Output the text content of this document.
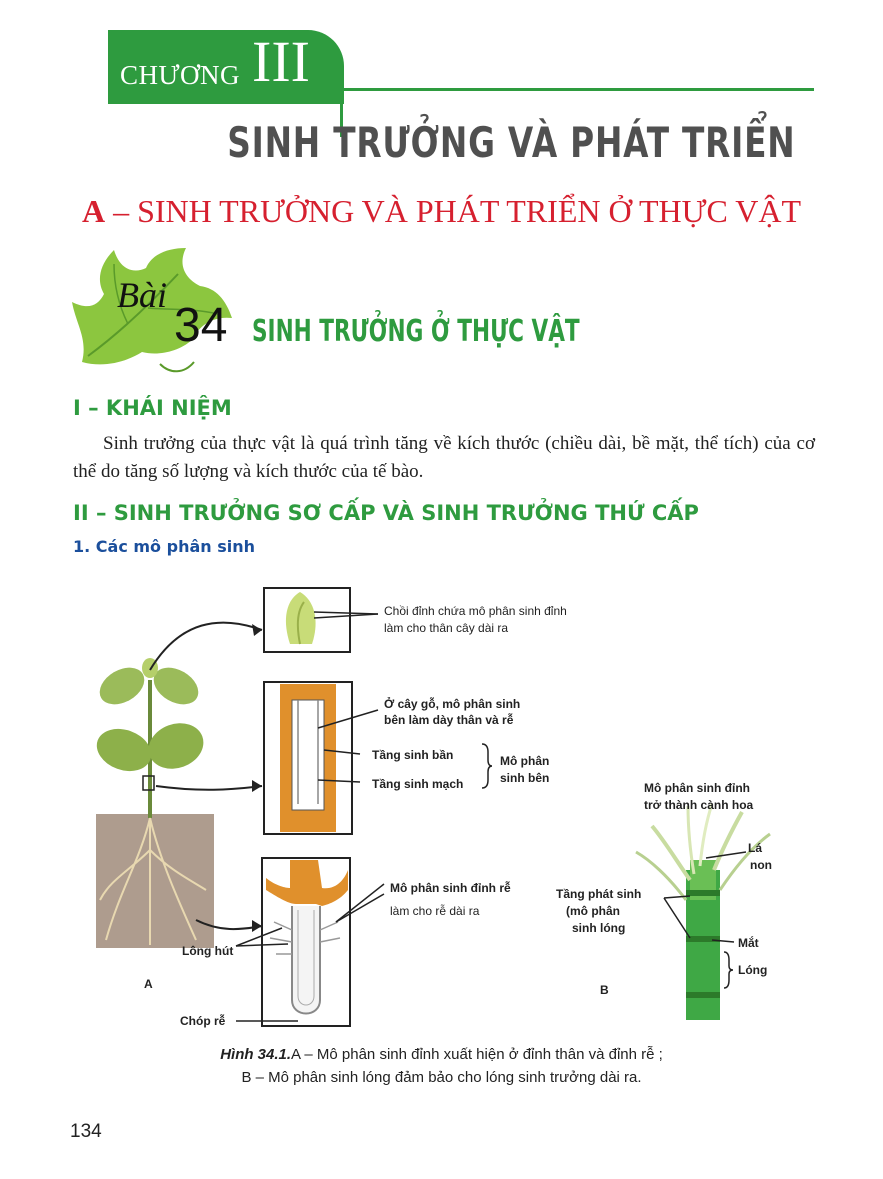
CHƯƠNG III
SINH TRƯỞNG VÀ PHÁT TRIỂN
A – SINH TRƯỞNG VÀ PHÁT TRIỂN Ở THỰC VẬT
Bài
34 SINH TRƯỞNG Ở THỰC VẬT
I – KHÁI NIỆM
Sinh trưởng của thực vật là quá trình tăng về kích thước (chiều dài, bề mặt, thể tích) của cơ thể do tăng số lượng và kích thước của tế bào.
II – SINH TRƯỞNG SƠ CẤP VÀ SINH TRƯỞNG THỨ CẤP
1. Các mô phân sinh
Chồi đỉnh chứa mô phân sinh đỉnh
làm cho thân cây dài ra
Ở cây gỗ, mô phân sinh
bên làm dày thân và rễ
Tầng sinh bần
Tầng sinh mạch
Mô phân
sinh bên
Mô phân sinh đỉnh rễ
làm cho rễ dài ra
Lông hút
A
Chóp rễ
Mô phân sinh đỉnh
trở thành cành hoa
Lá
non
Tầng phát sinh
(mô phân
sinh lóng
Mắt
Lóng
B
Hình 34.1.A – Mô phân sinh đỉnh xuất hiện ở đỉnh thân và đỉnh rễ ;
B – Mô phân sinh lóng đảm bảo cho lóng sinh trưởng dài ra.
134
